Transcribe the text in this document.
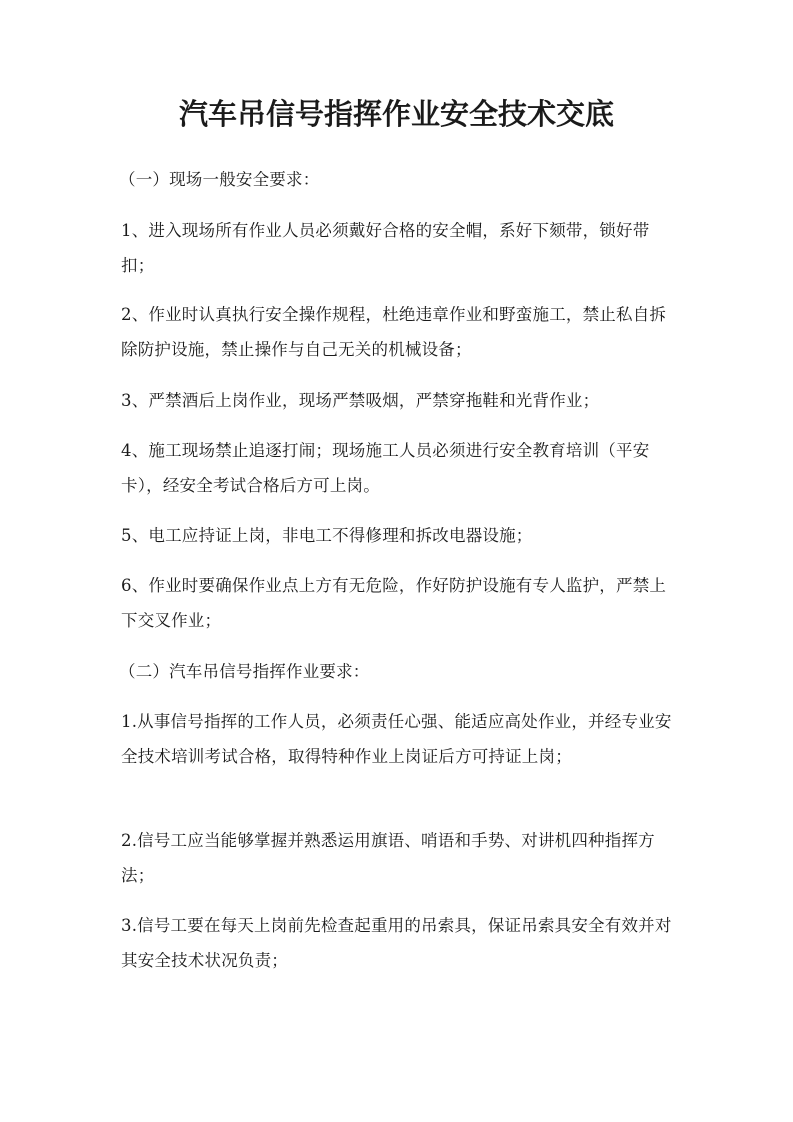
汽车吊信号指挥作业安全技术交底

（一）现场一般安全要求：

1、进入现场所有作业人员必须戴好合格的安全帽，系好下颏带，锁好带扣；

2、作业时认真执行安全操作规程，杜绝违章作业和野蛮施工，禁止私自拆除防护设施，禁止操作与自己无关的机械设备；

3、严禁酒后上岗作业，现场严禁吸烟，严禁穿拖鞋和光背作业；

4、施工现场禁止追逐打闹；现场施工人员必须进行安全教育培训（平安卡），经安全考试合格后方可上岗。

5、电工应持证上岗，非电工不得修理和拆改电器设施；

6、作业时要确保作业点上方有无危险，作好防护设施有专人监护，严禁上下交叉作业；

（二）汽车吊信号指挥作业要求：

1.从事信号指挥的工作人员，必须责任心强、能适应高处作业，并经专业安全技术培训考试合格，取得特种作业上岗证后方可持证上岗；

2.信号工应当能够掌握并熟悉运用旗语、哨语和手势、对讲机四种指挥方法；

3.信号工要在每天上岗前先检查起重用的吊索具，保证吊索具安全有效并对其安全技术状况负责；
